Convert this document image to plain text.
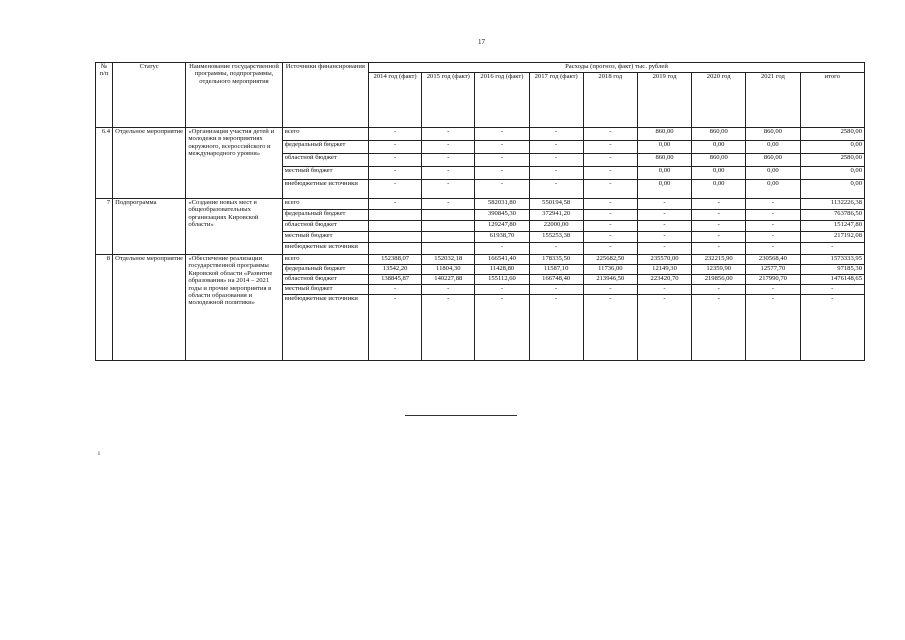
17
№ п/п	Статус	Наименование государственной программы, подпрограммы, отдельного мероприятия	Источники финансирования	Расходы (прогноз, факт) тыс. рублей								
				2014 год (факт)	2015 год (факт)	2016 год (факт)	2017 год (факт)	2018 год	2019 год	2020 год	2021 год	итого
6.4	Отдельное мероприятие	«Организация участия детей и молодежи в мероприятиях окружного, всероссийского и международного уровня»	всего	-	-	-	-	-	860,00	860,00	860,00	2580,00
			федеральный бюджет	-	-	-	-	-	0,00	0,00	0,00	0,00
			областной бюджет	-	-	-	-	-	860,00	860,00	860,00	2580,00
			местный бюджет	-	-	-	-	-	0,00	0,00	0,00	0,00
			внебюджетные источники	-	-	-	-	-	0,00	0,00	0,00	0,00
7	Подпрограмма	«Создание новых мест в общеобразовательных организациях Кировской области»	всего	-	-	582031,80	550194,58	-	-	-	-	1132226,38
			федеральный бюджет			390845,30	372941,20	-	-	-	-	763786,50
			областной бюджет			129247,80	22000,00	-	-	-	-	151247,80
			местный бюджет			61938,70	155253,38	-	-	-	-	217192,08
			внебюджетные источники			-	-	-	-	-	-	-
8	Отдельное мероприятие	«Обеспечение реализации государственной программы Кировской области «Развитие образования» на 2014 – 2021 годы и прочие мероприятия в области образования и молодежной политики»	всего	152388,07	152032,18	166541,40	178335,50	225682,50	235570,00	232215,90	230568,40	1573333,95
			федеральный бюджет	13542,20	11804,30	11428,80	11587,10	11736,00	12149,30	12359,90	12577,70	97185,30
			областной бюджет	138845,87	140227,88	155112,60	166748,40	213946,50	223420,70	219856,00	217990,70	1476148,65
			местный бюджет	-	-	-	-	-	-	-	-	-
			внебюджетные источники	-	-	-	-	-	-	-	-	-
ı
